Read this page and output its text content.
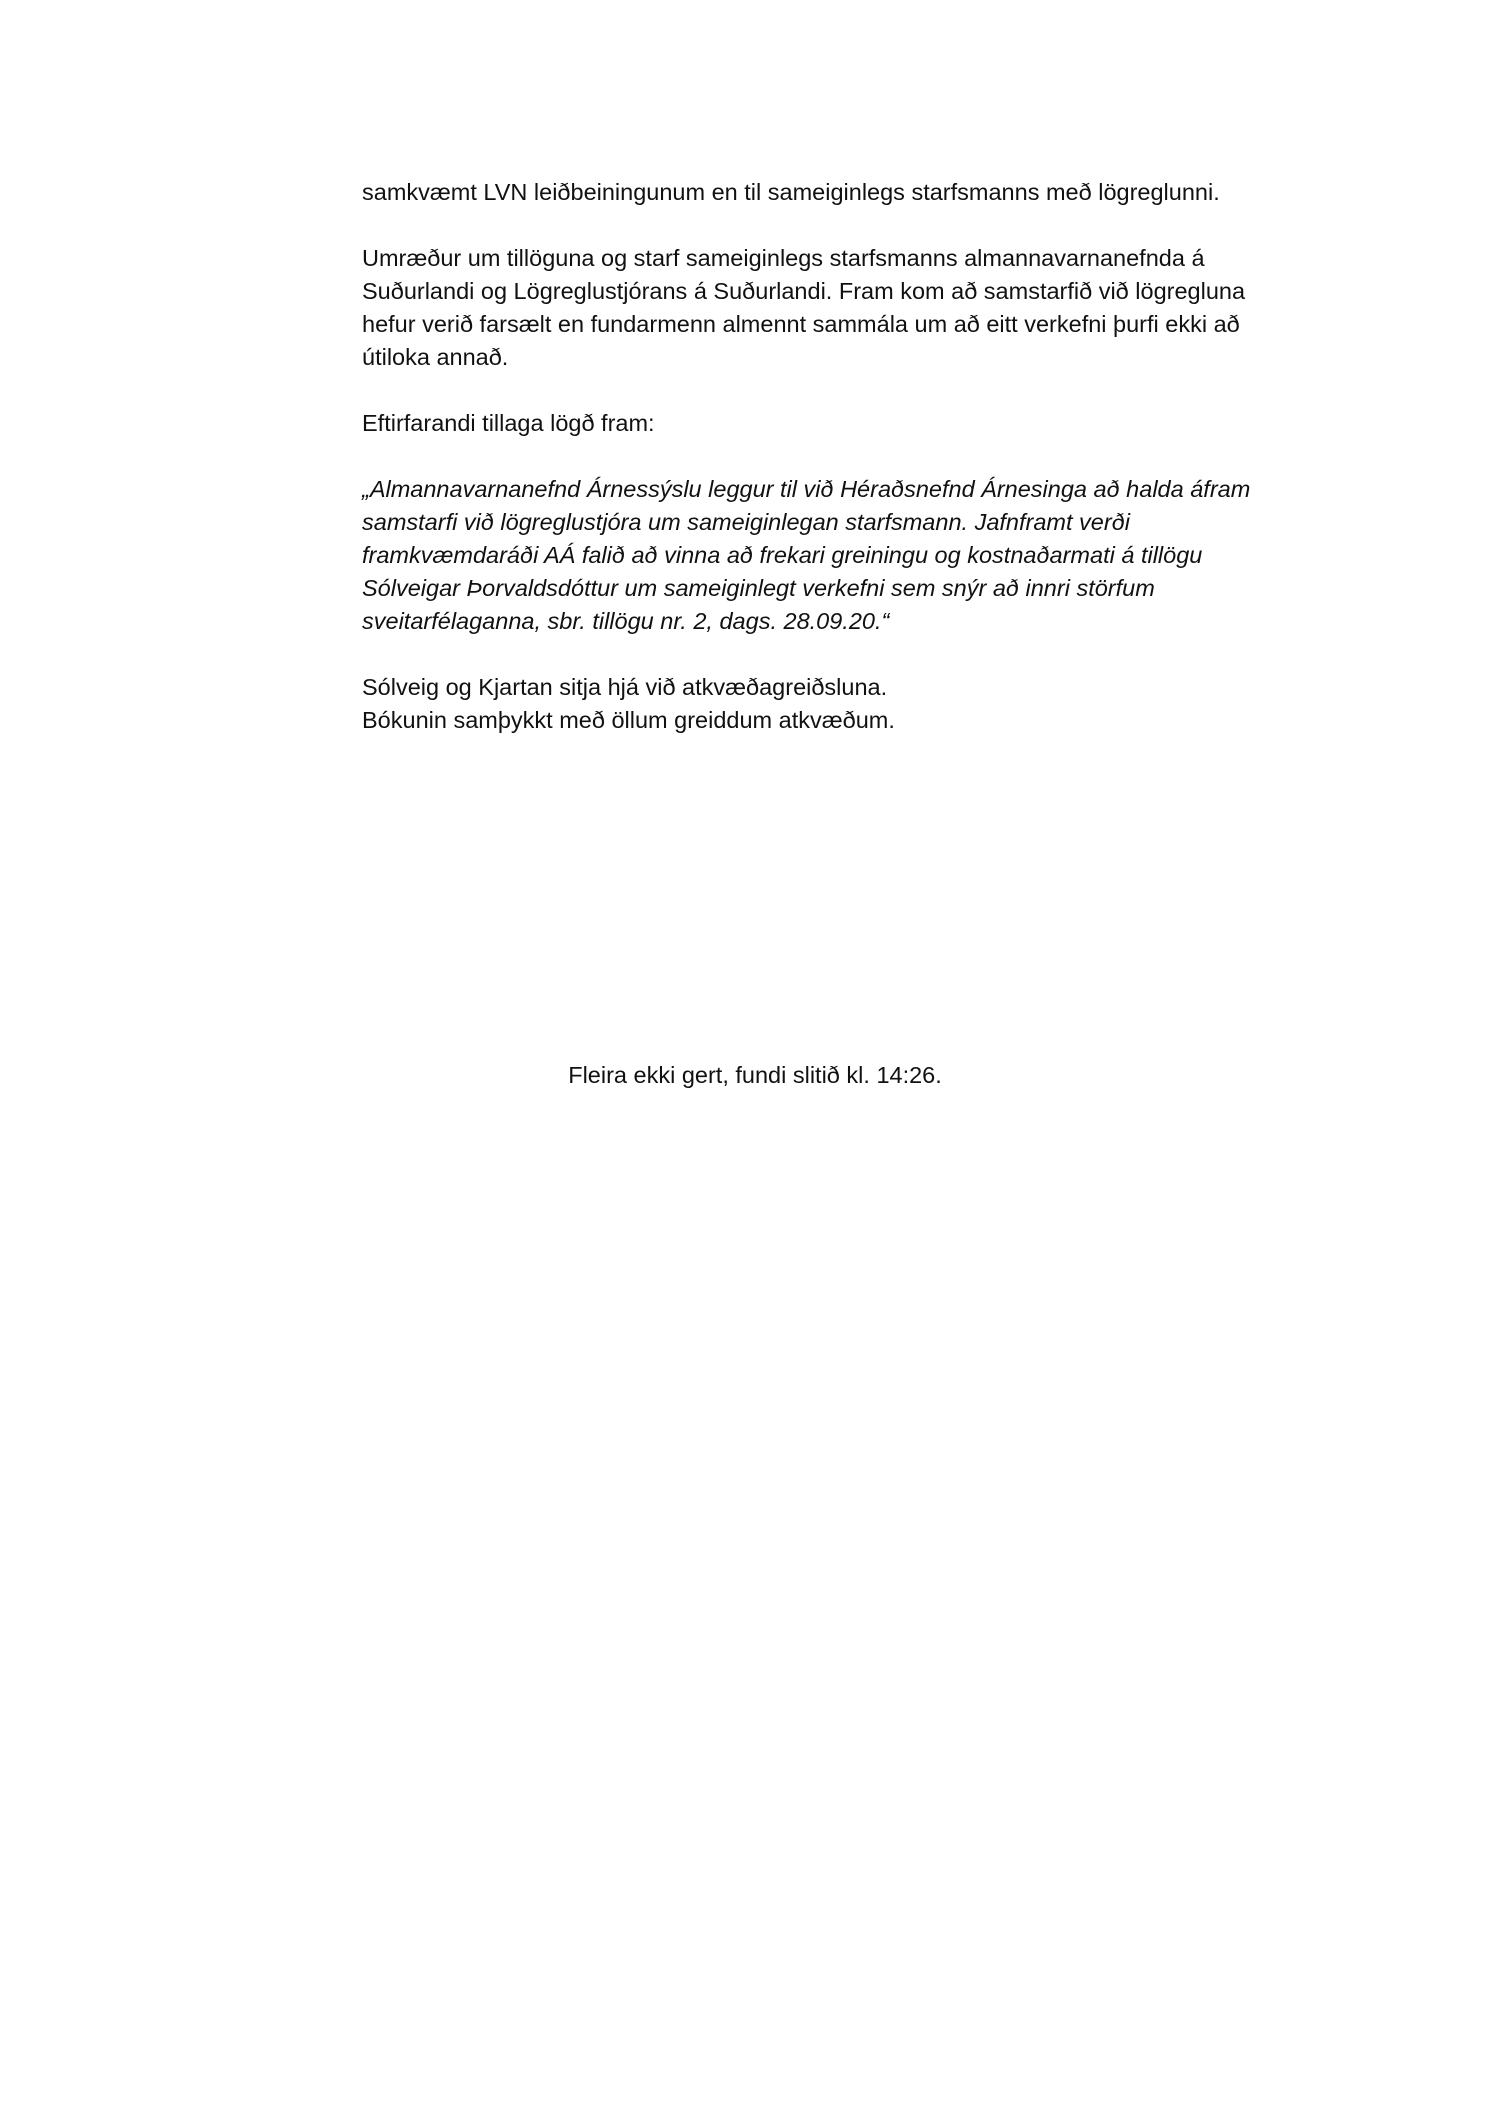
samkvæmt LVN leiðbeiningunum en til sameiginlegs starfsmanns með lögreglunni.

Umræður um tillöguna og starf sameiginlegs starfsmanns almannavarnanefnda á
Suðurlandi og Lögreglustjórans á Suðurlandi. Fram kom að samstarfið við lögregluna
hefur verið farsælt en fundarmenn almennt sammála um að eitt verkefni þurfi ekki að
útiloka annað.

Eftirfarandi tillaga lögð fram:

„Almannavarnanefnd Árnessýslu leggur til við Héraðsnefnd Árnesinga að halda áfram
samstarfi við lögreglustjóra um sameiginlegan starfsmann. Jafnframt verði
framkvæmdaráði AÁ falið að vinna að frekari greiningu og kostnaðarmati á tillögu
Sólveigar Þorvaldsdóttur um sameiginlegt verkefni sem snýr að innri störfum
sveitarfélaganna, sbr. tillögu nr. 2, dags. 28.09.20.“

Sólveig og Kjartan sitja hjá við atkvæðagreiðsluna.
Bókunin samþykkt með öllum greiddum atkvæðum.

Fleira ekki gert, fundi slitið kl. 14:26.
